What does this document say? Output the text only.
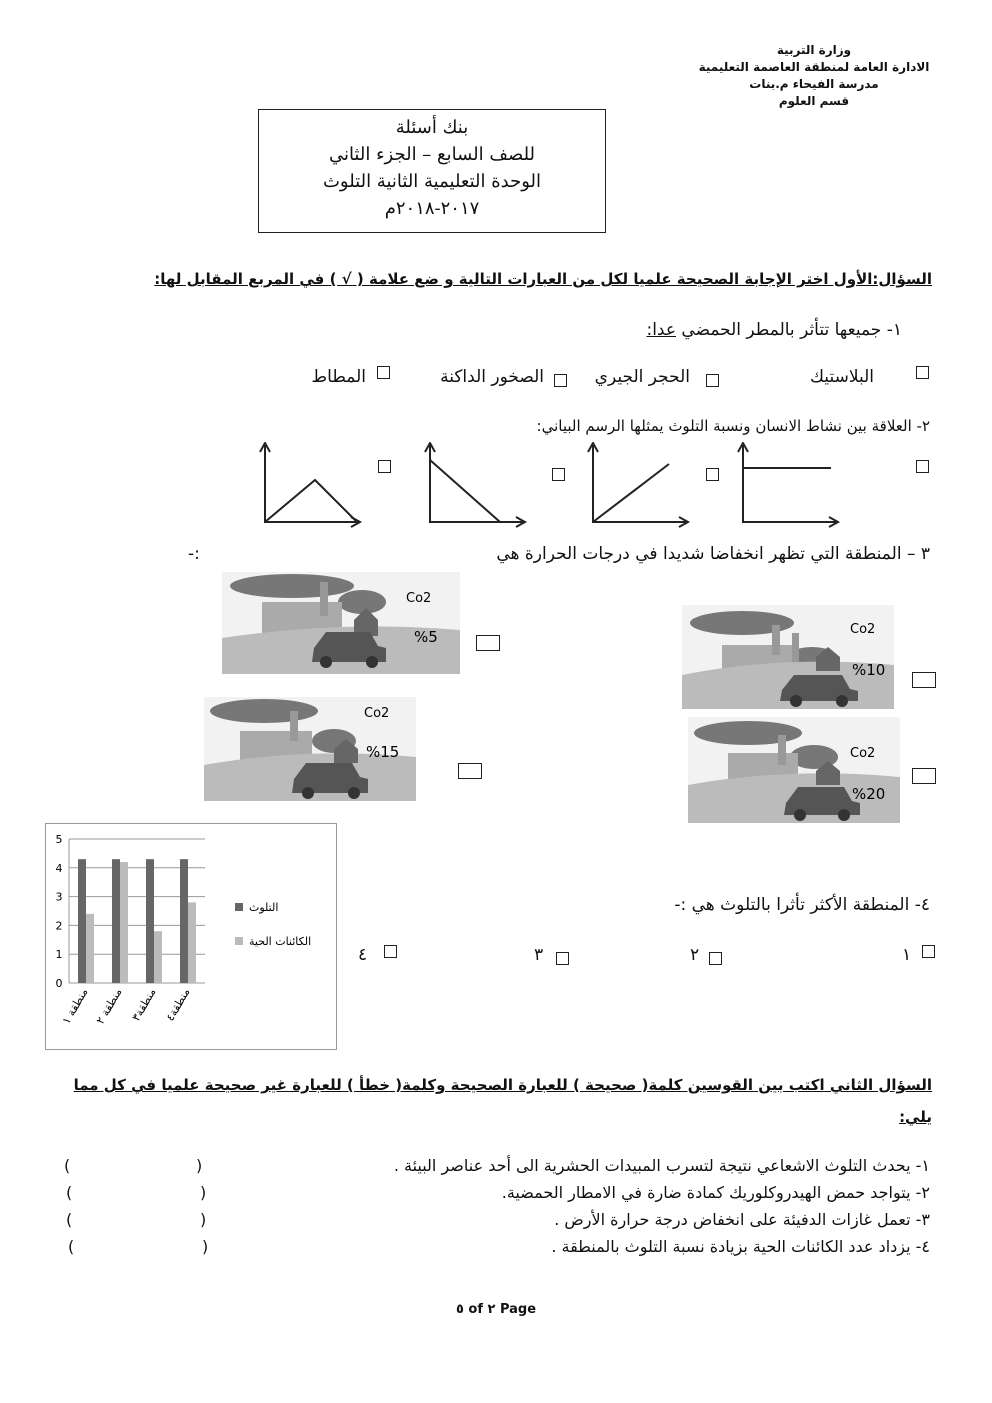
وزارة التربية
الادارة العامة لمنطقة العاصمة التعليمية
مدرسة الفيحاء م.بنات
قسم العلوم
بنك أسئلة
للصف السابع – الجزء الثاني
الوحدة التعليمية الثانية التلوث
٢٠١٧-٢٠١٨م
السؤال:الأول اختر الإجابة الصحيحة علميا لكل من العبارات التالية و ضع علامة ( √ ) في المربع المقابل لها:
١- جميعها تتأثر بالمطر الحمضي عدا:
البلاستيك
الحجر الجيري
الصخور الداكنة
المطاط
٢- العلاقة بين نشاط الانسان ونسبة التلوث يمثلها الرسم البياني:
٣ – المنطقة التي تظهر انخفاضا شديدا في درجات الحرارة هي
:-
Co2
%10
Co2
%5
Co2
%20
Co2
%15
0
1
2
3
4
5
منطقة ١ منطقة ٢ منطقة٣ منطقة٤
التلوث
الكائنات الحية
٤- المنطقة الأكثر تأثرا بالتلوث هي :-
١
٢
٣
٤
السؤال الثاني اكتب بين القوسين كلمة( صحيحة ) للعبارة الصحيحة وكلمة( خطأ ) للعبارة غير صحيحة علميا في كل مما
يلي:
١- يحدث التلوث الاشعاعي نتيجة لتسرب المبيدات الحشرية الى أحد عناصر البيئة .
(
)
٢- يتواجد حمض الهيدروكلوريك كمادة ضارة في الامطار الحمضية.
(
)
٣- تعمل غازات الدفيئة على انخفاض درجة حرارة الأرض .
(
)
٤- يزداد عدد الكائنات الحية بزيادة نسبة التلوث بالمنطقة .
(
)
٥ of ٢ Page
